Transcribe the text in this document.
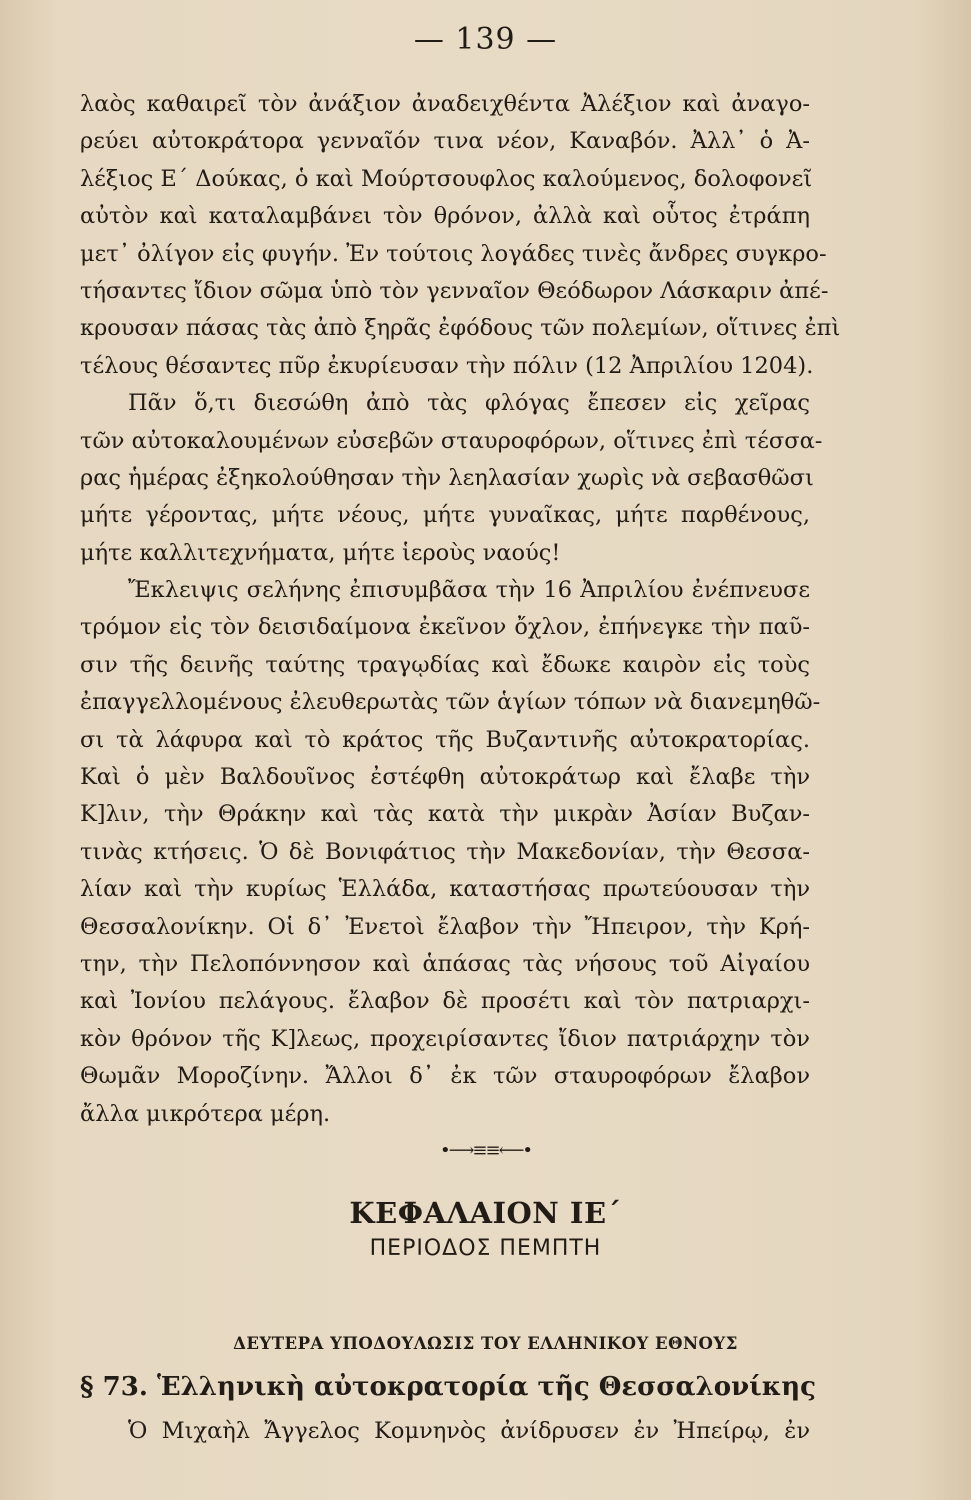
— 139 —
λαὸς καθαιρεῖ τὸν ἀνάξιον ἀναδειχθέντα Ἀλέξιον καὶ ἀναγο-
ρεύει αὐτοκράτορα γενναῖόν τινα νέον, Καναβόν. Ἀλλ᾽ ὁ Ἀ-
λέξιος Ε´ Δούκας, ὁ καὶ Μούρτσουφλος καλούμενος, δολοφονεῖ
αὐτὸν καὶ καταλαμβάνει τὸν θρόνον, ἀλλὰ καὶ οὗτος ἐτράπη
μετ᾽ ὀλίγον εἰς φυγήν. Ἐν τούτοις λογάδες τινὲς ἄνδρες συγκρο-
τήσαντες ἴδιον σῶμα ὑπὸ τὸν γενναῖον Θεόδωρον Λάσκαριν ἀπέ-
κρουσαν πάσας τὰς ἀπὸ ξηρᾶς ἐφόδους τῶν πολεμίων, οἵτινες ἐπὶ
τέλους θέσαντες πῦρ ἐκυρίευσαν τὴν πόλιν (12 Ἀπριλίου 1204).
Πᾶν ὅ,τι διεσώθη ἀπὸ τὰς φλόγας ἔπεσεν εἰς χεῖρας
τῶν αὐτοκαλουμένων εὐσεβῶν σταυροφόρων, οἵτινες ἐπὶ τέσσα-
ρας ἡμέρας ἐξηκολούθησαν τὴν λεηλασίαν χωρὶς νὰ σεβασθῶσι
μήτε γέροντας, μήτε νέους, μήτε γυναῖκας, μήτε παρθένους,
μήτε καλλιτεχνήματα, μήτε ἱεροὺς ναούς!
Ἔκλειψις σελήνης ἐπισυμβᾶσα τὴν 16 Ἀπριλίου ἐνέπνευσε
τρόμον εἰς τὸν δεισιδαίμονα ἐκεῖνον ὄχλον, ἐπήνεγκε τὴν παῦ-
σιν τῆς δεινῆς ταύτης τραγῳδίας καὶ ἔδωκε καιρὸν εἰς τοὺς
ἐπαγγελλομένους ἐλευθερωτὰς τῶν ἁγίων τόπων νὰ διανεμηθῶ-
σι τὰ λάφυρα καὶ τὸ κράτος τῆς Βυζαντινῆς αὐτοκρατορίας.
Καὶ ὁ μὲν Βαλδουῖνος ἐστέφθη αὐτοκράτωρ καὶ ἔλαβε τὴν
Κ]λιν, τὴν Θράκην καὶ τὰς κατὰ τὴν μικρὰν Ἀσίαν Βυζαν-
τινὰς κτήσεις. Ὁ δὲ Βονιφάτιος τὴν Μακεδονίαν, τὴν Θεσσα-
λίαν καὶ τὴν κυρίως Ἑλλάδα, καταστήσας πρωτεύουσαν τὴν
Θεσσαλονίκην. Οἱ δ᾽ Ἐνετοὶ ἔλαβον τὴν Ἤπειρον, τὴν Κρή-
την, τὴν Πελοπόννησον καὶ ἁπάσας τὰς νήσους τοῦ Αἰγαίου
καὶ Ἰονίου πελάγους. ἔλαβον δὲ προσέτι καὶ τὸν πατριαρχι-
κὸν θρόνον τῆς Κ]λεως, προχειρίσαντες ἴδιον πατριάρχην τὸν
Θωμᾶν Μοροζίνην. Ἄλλοι δ᾽ ἐκ τῶν σταυροφόρων ἔλαβον
ἄλλα μικρότερα μέρη.
•⟶≡≡⟵•
ΚΕΦΑΛΑΙΟΝ ΙΕ´
ΠΕΡΙΟΔΟΣ ΠΕΜΠΤΗ
ΔΕΥΤΕΡΑ ΥΠΟΔΟΥΛΩΣΙΣ ΤΟΥ ΕΛΛΗΝΙΚΟΥ ΕΘΝΟΥΣ
§ 73. Ἑλληνικὴ αὐτοκρατορία τῆς Θεσσαλονίκης
Ὁ Μιχαὴλ Ἄγγελος Κομνηνὸς ἀνίδρυσεν ἐν Ἠπείρῳ, ἐν
